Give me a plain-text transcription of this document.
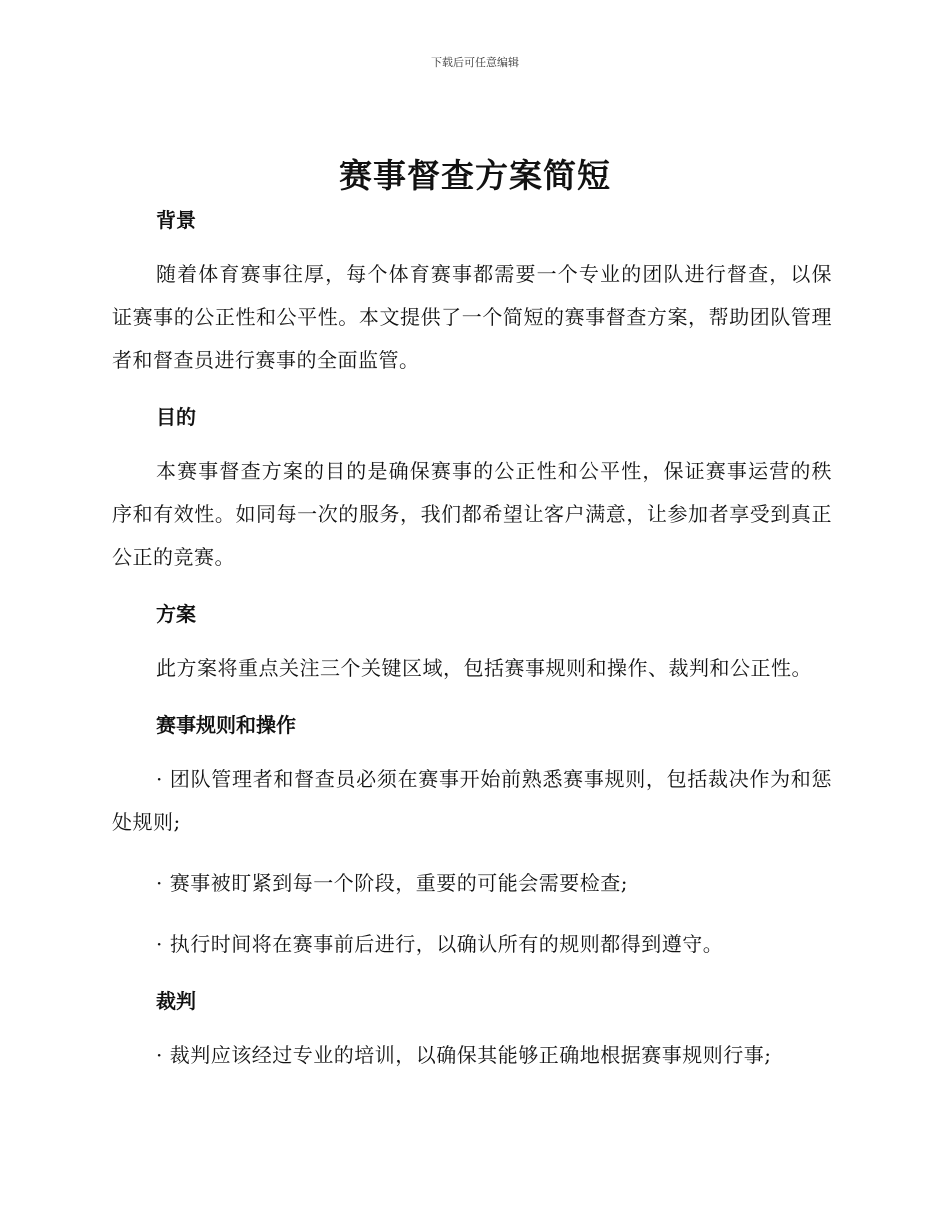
下载后可任意编辑
赛事督查方案简短

背景

随着体育赛事往厚，每个体育赛事都需要一个专业的团队进行督查，以保证赛事的公正性和公平性。本文提供了一个简短的赛事督查方案，帮助团队管理者和督查员进行赛事的全面监管。

目的

本赛事督查方案的目的是确保赛事的公正性和公平性，保证赛事运营的秩序和有效性。如同每一次的服务，我们都希望让客户满意，让参加者享受到真正公正的竞赛。

方案

此方案将重点关注三个关键区域，包括赛事规则和操作、裁判和公正性。

赛事规则和操作

· 团队管理者和督查员必须在赛事开始前熟悉赛事规则，包括裁决作为和惩处规则;

· 赛事被盯紧到每一个阶段，重要的可能会需要检查;

· 执行时间将在赛事前后进行，以确认所有的规则都得到遵守。

裁判

· 裁判应该经过专业的培训，以确保其能够正确地根据赛事规则行事;
